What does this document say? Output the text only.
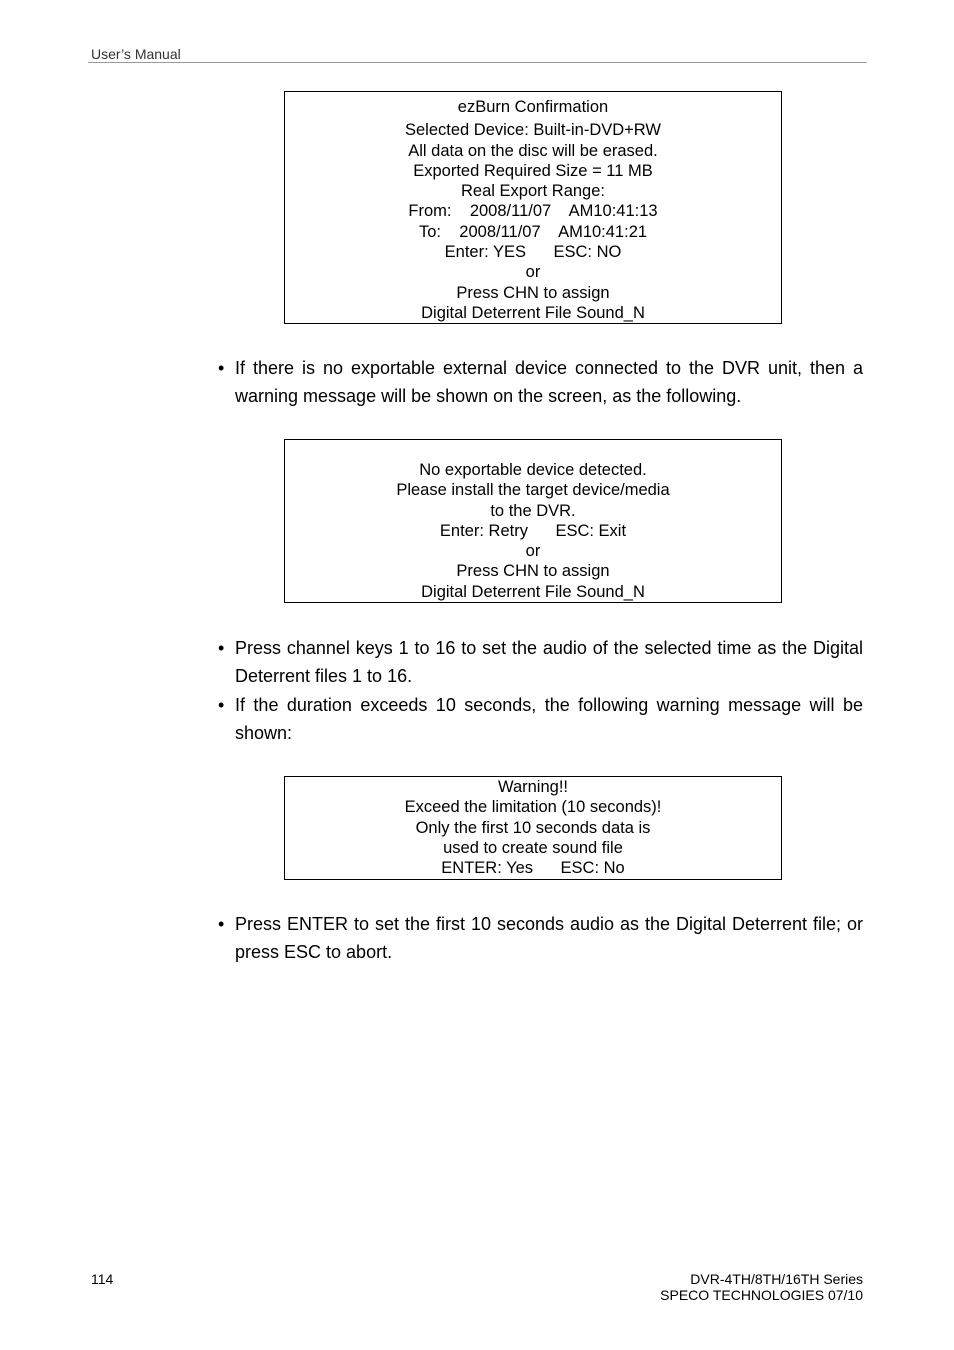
User’s Manual
ezBurn Confirmation
Selected Device: Built-in-DVD+RW
All data on the disc will be erased.
Exported Required Size = 11 MB
Real Export Range:
From:    2008/11/07    AM10:41:13
To:    2008/11/07    AM10:41:21
Enter: YES      ESC: NO
or
Press CHN to assign
Digital Deterrent File Sound_N
• If there is no exportable external device connected to the DVR unit, then a warning message will be shown on the screen, as the following.
No exportable device detected.
Please install the target device/media
to the DVR.
Enter: Retry      ESC: Exit
or
Press CHN to assign
Digital Deterrent File Sound_N
• Press channel keys 1 to 16 to set the audio of the selected time as the Digital Deterrent files 1 to 16.
• If the duration exceeds 10 seconds, the following warning message will be shown:
Warning!!
Exceed the limitation (10 seconds)!
Only the first 10 seconds data is
used to create sound file
ENTER: Yes      ESC: No
• Press ENTER to set the first 10 seconds audio as the Digital Deterrent file; or press ESC to abort.
114	DVR-4TH/8TH/16TH Series
SPECO TECHNOLOGIES 07/10
